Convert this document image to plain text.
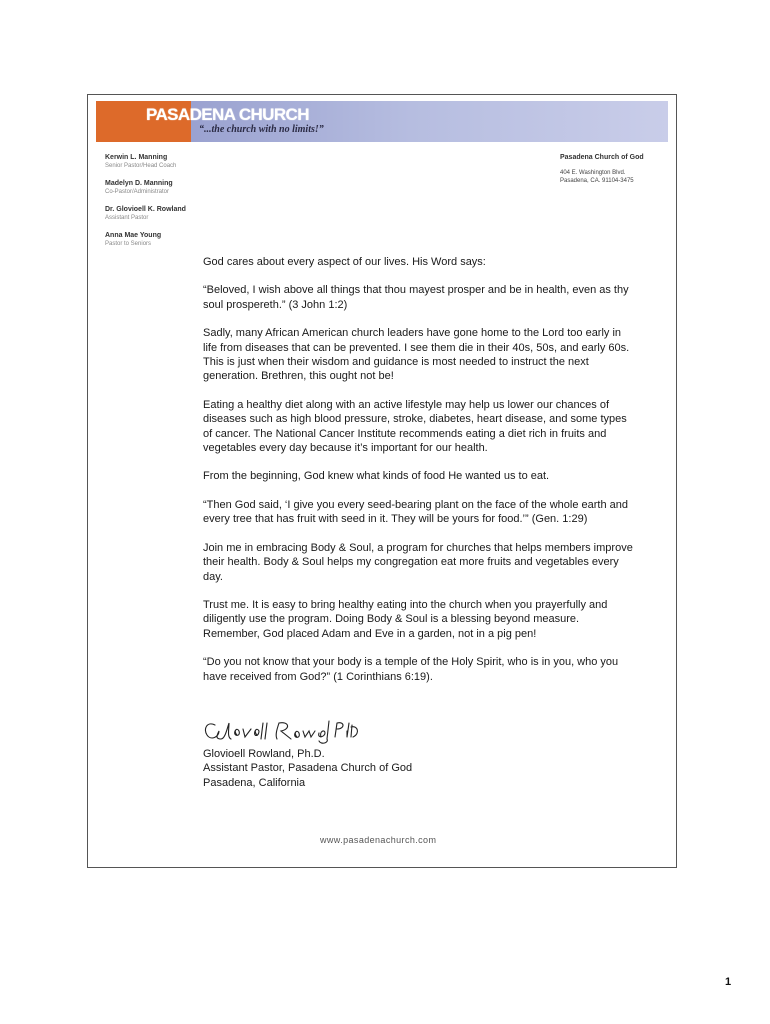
PASADENA CHURCH
“...the church with no limits!”
Kerwin L. Manning
Senior Pastor/Head Coach
Madelyn D. Manning
Co-Pastor/Administrator
Dr. Glovioell K. Rowland
Assistant Pastor
Anna Mae Young
Pastor to Seniors
Pasadena Church of God
404 E. Washington Blvd.
Pasadena, CA. 91104-3475

God cares about every aspect of our lives. His Word says:

“Beloved, I wish above all things that thou mayest prosper and be in health, even as thy soul prospereth.” (3 John 1:2)

Sadly, many African American church leaders have gone home to the Lord too early in life from diseases that can be prevented. I see them die in their 40s, 50s, and early 60s. This is just when their wisdom and guidance is most needed to instruct the next generation. Brethren, this ought not be!

Eating a healthy diet along with an active lifestyle may help us lower our chances of diseases such as high blood pressure, stroke, diabetes, heart disease, and some types of cancer. The National Cancer Institute recommends eating a diet rich in fruits and vegetables every day because it’s important for our health.

From the beginning, God knew what kinds of food He wanted us to eat.

“Then God said, ‘I give you every seed-bearing plant on the face of the whole earth and every tree that has fruit with seed in it. They will be yours for food.’” (Gen. 1:29)

Join me in embracing Body & Soul, a program for churches that helps members improve their health. Body & Soul helps my congregation eat more fruits and vegetables every day.

Trust me. It is easy to bring healthy eating into the church when you prayerfully and diligently use the program. Doing Body & Soul is a blessing beyond measure. Remember, God placed Adam and Eve in a garden, not in a pig pen!

“Do you not know that your body is a temple of the Holy Spirit, who is in you, who you have received from God?” (1 Corinthians 6:19).

Glovioell Rowland, Ph.D.
Assistant Pastor, Pasadena Church of God
Pasadena, California
www.pasadenachurch.com
1
